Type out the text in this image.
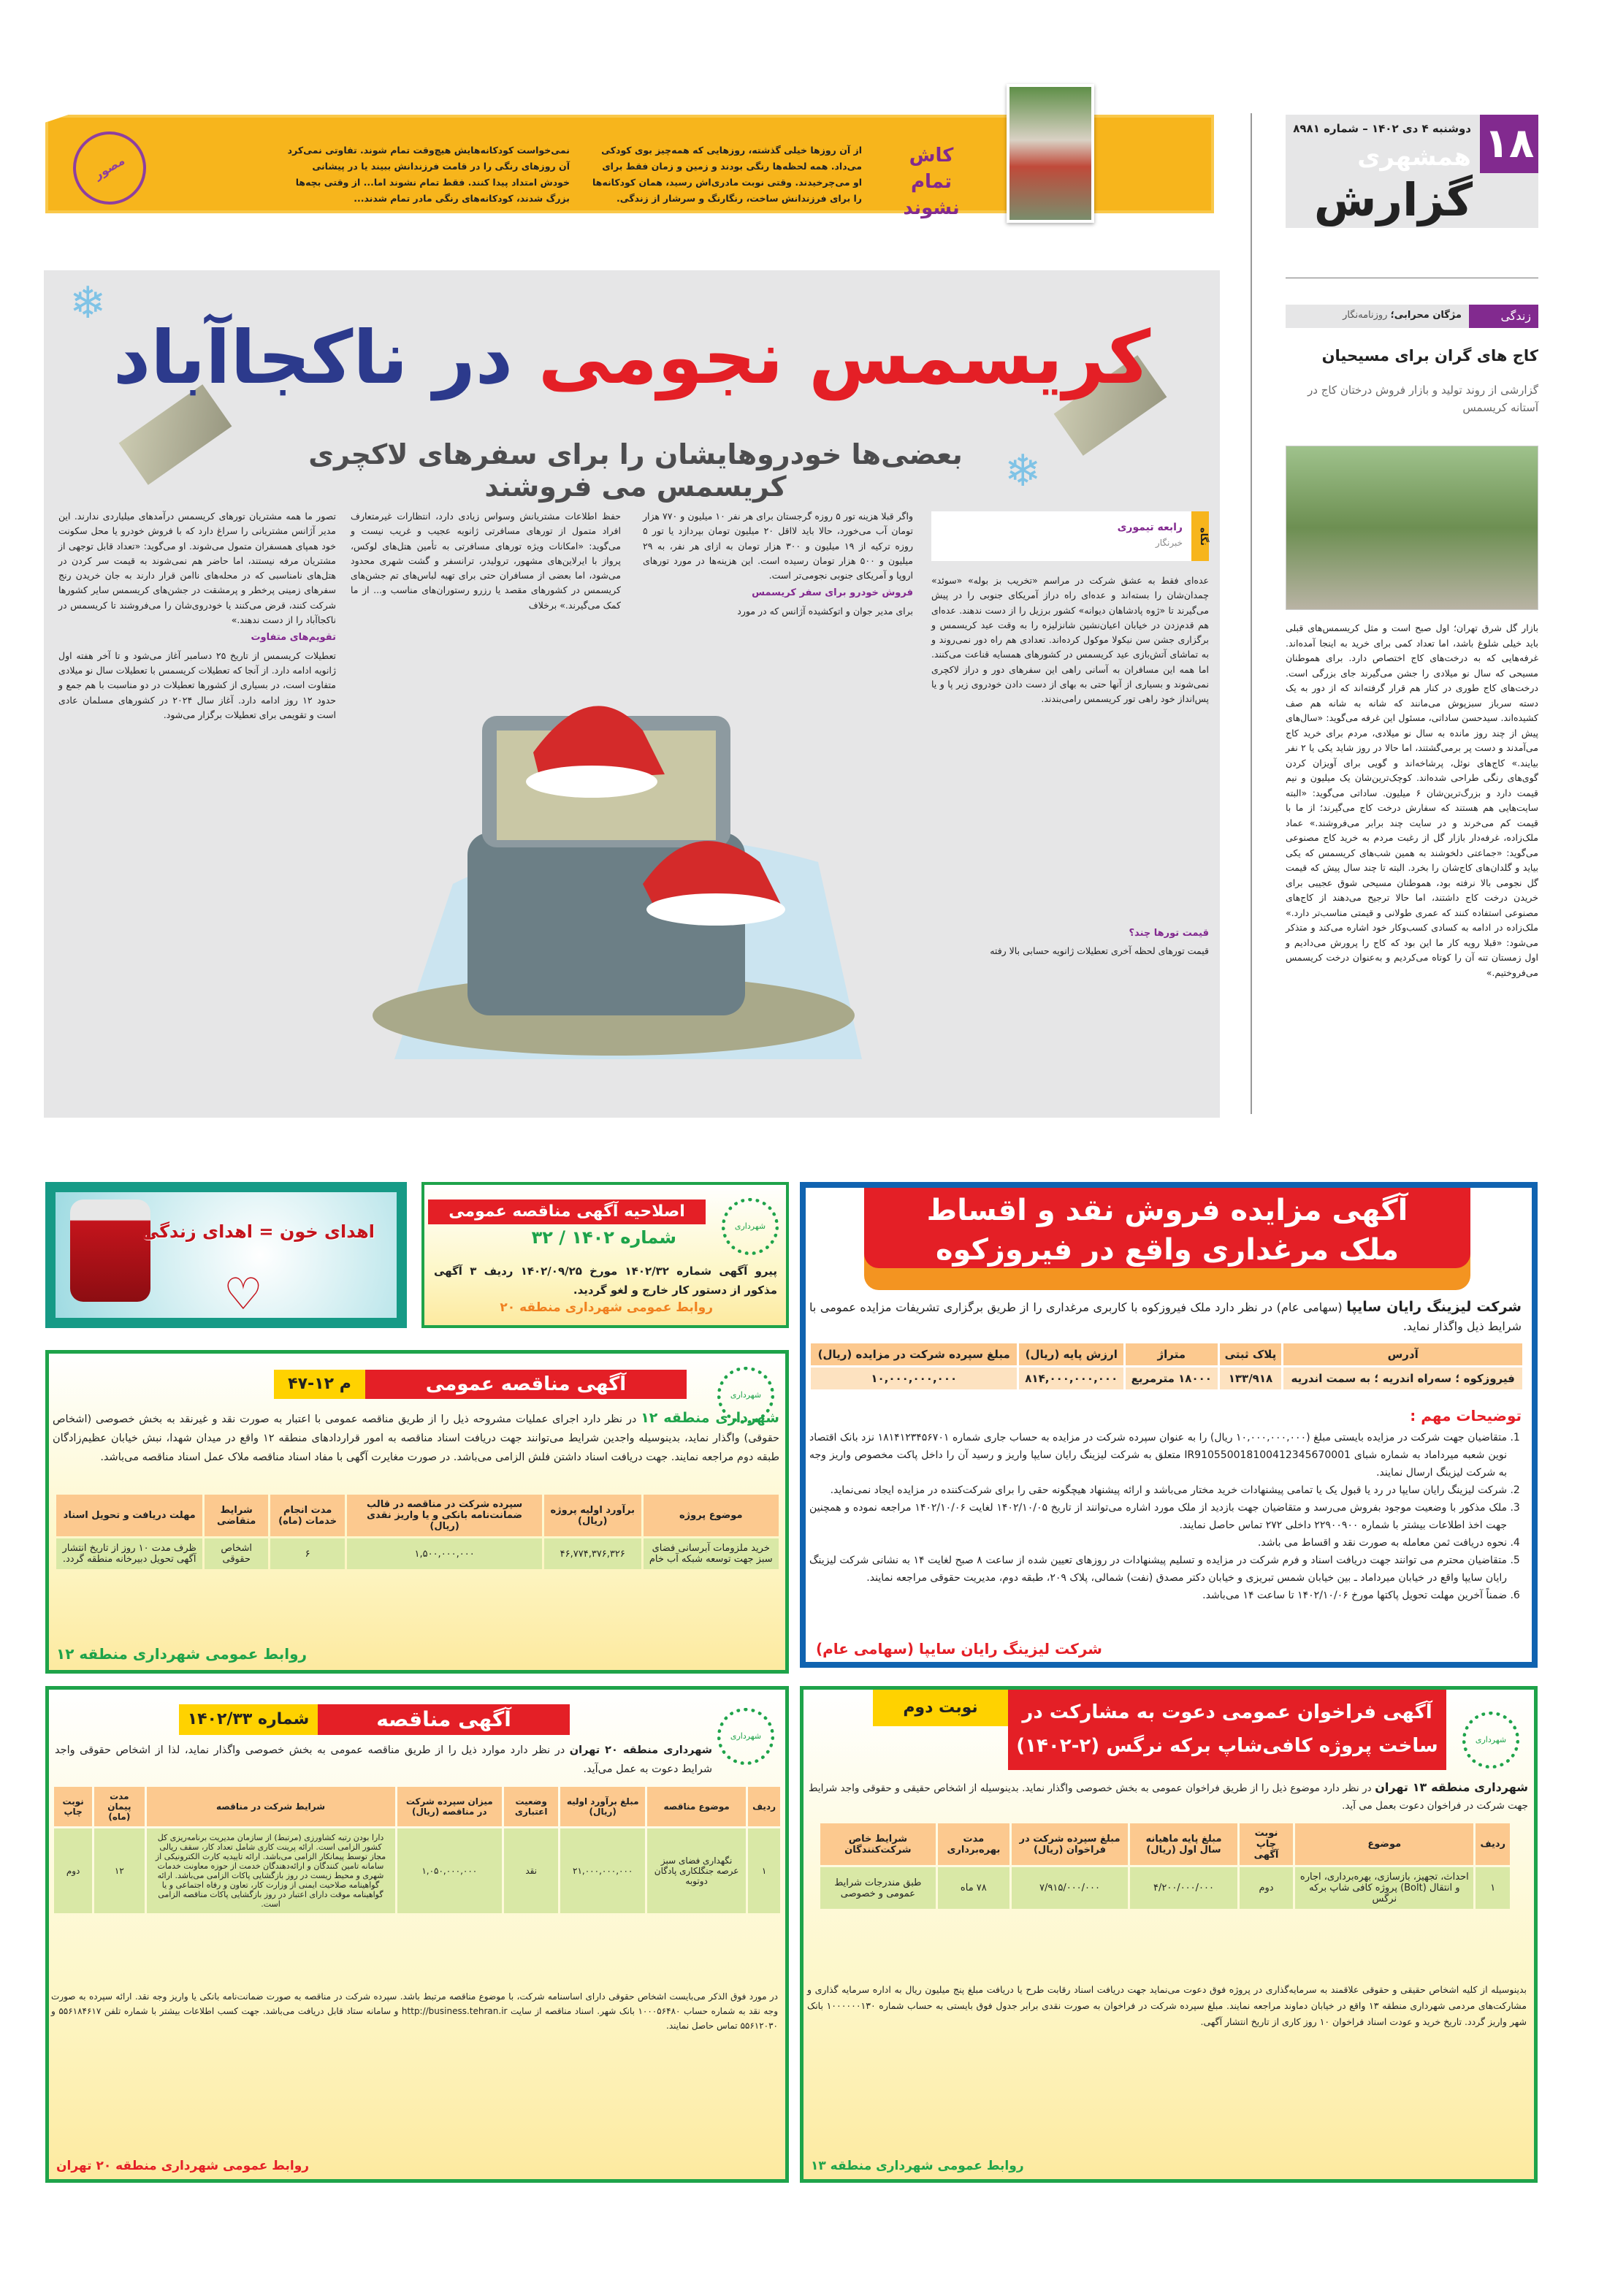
۱۸
دوشنبه ۴ دی ۱۴۰۲ – شماره ۸۹۸۱
همشهری
گزارش
زندگی
مژگان محرابی؛ روزنامه‌نگار
کاج های گران برای مسیحیان
گزارشی از روند تولید و بازار فروش درختان کاج در آستانه کریسمس
بازار گل شرق تهران؛ اول صبح است و مثل کریسمس‌های قبلی باید خیلی شلوغ باشد، اما تعداد کمی برای خرید به اینجا آمده‌اند. غرفه‌هایی که به درخت‌های کاج اختصاص دارد. برای هموطنان مسیحی که سال نو میلادی را جشن می‌گیرند جای بزرگی است. درخت‌های کاج طوری در کنار هم قرار گرفته‌اند که از دور به یک دسته سرباز سبزپوش می‌مانند که شانه به شانه هم صف کشیده‌اند. سیدحسن ساداتی، مسئول این غرفه می‌گوید: «سال‌های پیش از چند روز مانده به سال نو میلادی، مردم برای خرید کاج می‌آمدند و دست پر برمی‌گشتند، اما حالا در روز شاید یکی یا ۲ نفر بیایند.» کاج‌های نوئل، پرشاخه‌اند و گویی برای آویزان کردن گوی‌های رنگی طراحی شده‌اند. کوچک‌ترین‌شان یک میلیون و نیم قیمت دارد و بزرگ‌ترین‌شان ۶ میلیون. ساداتی می‌گوید: «البته سایت‌هایی هم هستند که سفارش درخت کاج می‌گیرند؛ از ما با قیمت کم می‌خرند و در سایت چند برابر می‌فروشند.» عماد ملک‌زاده، غرفه‌دار بازار گل از رغبت مردم به خرید کاج مصنوعی می‌گوید: «جماعتی دلخوشند به همین شب‌های کریسمس که یکی بیاید و گلدان‌های کاج‌شان را بخرد. البته تا چند سال پیش که قیمت گل نجومی بالا نرفته بود، هموطنان مسیحی شوق عجیبی برای خریدن درخت کاج داشتند، اما حالا ترجیح می‌دهند از کاج‌های مصنوعی استفاده کنند که عمری طولانی و قیمتی مناسب‌تر دارد.» ملک‌زاده در ادامه به کسادی کسب‌وکار خود اشاره می‌کند و متذکر می‌شود: «قبلا رویه کار ما این بود که کاج را پرورش می‌دادیم و اول زمستان تنه آن را کوتاه می‌کردیم و به‌عنوان درخت کریسمس می‌فروختیم.»
کاش
تمام نشوند
از آن روزها خیلی گذشته، روزهایی که همه‌چیز بوی کودکی می‌داد. همه لحظه‌ها رنگی بودند و زمین و زمان فقط برای او می‌چرخیدند. وقتی نوبت مادری‌اش رسید، همان کودکانه‌ها را برای فرزندانش ساخت، رنگارنگ و سرشار از زندگی.
نمی‌خواست کودکانه‌هایش هیچ‌وقت تمام شوند. تفاوتی نمی‌کرد آن روزهای رنگی را در قامت فرزندانش ببیند یا در پیشانی خودش امتداد پیدا کنند. فقط تمام نشوند اما... از وقتی بچه‌ها بزرگ شدند، کودکانه‌های رنگی مادر تمام شدند...
مصور
❄
❄
کریسمس نجومی در ناکجاآباد
بعضی‌ها خودروهایشان را برای سفرهای لاکچری کریسمس می فروشند
نگاه
رابعه تیموری
خبرنگار

عده‌ای فقط به عشق شرکت در مراسم «تخریب بز بوله» «سوئد» چمدان‌شان را بسته‌اند و عده‌ای راه دراز آمریکای جنوبی را در پیش می‌گیرند تا «ژوه پادشاهان دیوانه» کشور برزیل را از دست ندهند. عده‌ای هم قدم‌زدن در خیابان اعیان‌نشین شانزلیزه را به وقت عید کریسمس و برگزاری جشن سن نیکولا موکول کرده‌اند. تعدادی هم راه دور نمی‌روند و به تماشای آتش‌بازی عید کریسمس در کشورهای همسایه قناعت می‌کنند. اما همه این مسافران به آسانی راهی این سفرهای دور و دراز لاکچری نمی‌شوند و بسیاری از آنها حتی به بهای از دست دادن خودروی زیر پا و یا پس‌انداز خود راهی تور کریسمس رامی‌بندند.

قیمت تورها چند؟

قیمت تورهای لحظه آخری تعطیلات ژانویه حسابی بالا رفته

واگر قبلا هزینه تور ۵ روزه گرجستان برای هر نفر ۱۰ میلیون و ۷۷۰ هزار تومان آب می‌خورد، حالا باید لااقل ۲۰ میلیون تومان بپردازد یا تور ۵ روزه ترکیه از ۱۹ میلیون و ۳۰۰ هزار تومان به ازای هر نفر، به ۲۹ میلیون و ۵۰۰ هزار تومان رسیده است. این هزینه‌ها در مورد تورهای اروپا و آمریکای جنوبی نجومی‌تر است.

فروش خودرو برای سفر کریسمس

برای مدیر جوان و اتوکشیده آژانس که در مورد

حفظ اطلاعات مشتریانش وسواس زیادی دارد، انتظارات غیرمتعارف افراد متمول از تورهای مسافرتی ژانویه عجیب و غریب نیست و می‌گوید: «امکانات ویژه تورهای مسافرتی به تأمین هتل‌های لوکس، پرواز با ایرلاین‌های مشهور، ترولیدر، ترانسفر و گشت شهری محدود می‌شود، اما بعضی از مسافران حتی برای تهیه لباس‌های تم جشن‌های کریسمس در کشورهای مقصد یا رزرو رستوران‌های مناسب و... از ما کمک می‌گیرند.» برخلاف

تصور ما همه مشتریان تورهای کریسمس درآمدهای میلیاردی ندارند. این مدیر آژانس مشتریانی را سراغ دارد که با فروش خودرو یا محل سکونت خود همپای همسفران متمول می‌شوند. او می‌گوید: «تعداد قابل توجهی از مشتریان مرفه نیستند، اما حاضر هم نمی‌شوند به قیمت سر کردن در هتل‌های نامناسبی که در محله‌های ناامن قرار دارند به جان خریدن رنج سفرهای زمینی پرخطر و پرمشقت در جشن‌های کریسمس سایر کشورها شرکت کنند، قرض می‌کنند یا خودروی‌شان را می‌فروشند تا کریسمس در ناکجاآباد را از دست ندهند.»

تقویم‌های متفاوت

تعطیلات کریسمس از تاریخ ۲۵ دسامبر آغاز می‌شود و تا آخر هفته اول ژانویه ادامه دارد. از آنجا که تعطیلات کریسمس با تعطیلات سال نو میلادی متفاوت است، در بسیاری از کشورها تعطیلات در دو مناسبت با هم جمع و حدود ۱۲ روز ادامه دارد. آغاز سال ۲۰۲۴ در کشورهای مسلمان عادی است و تقویمی برای تعطیلات برگزار می‌شود.

اهدای خون = اهدای زندگی
♡
شهرداری
اصلاحیه آگهی مناقصه عمومی
شماره ۱۴۰۲ / ۳۲
پیرو آگهی شماره ۱۴۰۲/۳۲ مورخ ۱۴۰۲/۰۹/۲۵ ردیف ۳ آگهی مذکور از دستور کار خارج و لغو گردید.
روابط عمومی شهرداری منطقه ۲۰
شهرداری
آگهی مناقصه عمومی
م ۱۲-۴۷
شهرداری منطقه ۱۲ در نظر دارد اجرای عملیات مشروحه ذیل را از طریق مناقصه عمومی با اعتبار به صورت نقد و غیرنقد به بخش خصوصی (اشخاص حقوقی) واگذار نماید، بدینوسیله واجدین شرایط می‌توانند جهت دریافت اسناد مناقصه به امور قراردادهای منطقه ۱۲ واقع در میدان شهدا، نبش خیابان عظیم‌زادگان طبقه دوم مراجعه نمایند. جهت دریافت اسناد داشتن فلش الزامی می‌باشد. در صورت مغایرت آگهی با مفاد اسناد مناقصه ملاک عمل اسناد مناقصه می‌باشد.
موضوع پروژه	برآورد اولیه پروژه (ریال)	سپرده شرکت در مناقصه در قالب ضمانت‌نامه بانکی و یا واریز نقدی (ریال)	مدت انجام خدمات (ماه)	شرایط متقاضی	مهلت دریافت و تحویل اسناد
خرید ملزومات آبرسانی فضای سبز جهت توسعه شبکه آب خام	۴۶,۷۷۴,۳۷۶,۳۲۶	۱,۵۰۰,۰۰۰,۰۰۰	۶	اشخاص حقوقی	ظرف مدت ۱۰ روز از تاریخ انتشار آگهی تحویل دبیرخانه منطقه گردد.
روابط عمومی شهرداری منطقه ۱۲
شهرداری
آگهی مناقصه
شماره ۱۴۰۲/۳۳
شهرداری منطقه ۲۰ تهران در نظر دارد موارد ذیل را از طریق مناقصه عمومی به بخش خصوصی واگذار نماید، لذا از اشخاص حقوقی واجد شرایط دعوت به عمل می‌آید.
ردیف	موضوع مناقصه	مبلغ برآورد اولیه (ریال)	وضعیت اعتباری	میزان سپرده شرکت در مناقصه (ریال)	شرایط شرکت در مناقصه	مدت پیمان (ماه)	نوبت چاپ
۱	نگهداری فضای سبز عرصه جنگلکاری پادگان دوتوبه	۲۱,۰۰۰,۰۰۰,۰۰۰	نقد	۱,۰۵۰,۰۰۰,۰۰۰	دارا بودن رتبه کشاورزی (مرتبط) از سازمان مدیریت برنامه‌ریزی کل کشور الزامی است. ارائه پرینت کاری شامل تعداد کار، سقف ریالی مجاز توسط پیمانکار الزامی می‌باشد. ارائه تاییدیه کارت الکترونیکی از سامانه تامین کنندگان و ارائه‌دهندگان خدمت از حوزه معاونت خدمات شهری و محیط زیست در روز بازگشایی پاکات الزامی می‌باشد. ارائه گواهینامه صلاحیت ایمنی از وزارت کار، تعاون و رفاه اجتماعی و یا گواهینامه موقت دارای اعتبار در روز بازگشایی پاکات مناقصه الزامی است.	۱۲	دوم
در مورد فوق الذکر می‌بایست اشخاص حقوقی دارای اساسنامه شرکت، با موضوع مناقصه مرتبط باشد. سپرده شرکت در مناقصه به صورت ضمانت‌نامه بانکی یا واریز وجه نقد. ارائه سپرده به صورت وجه نقد به شماره حساب ۱۰۰۰۵۶۴۸۰ بانک شهر. اسناد مناقصه از سایت http://business.tehran.ir و سامانه ستاد قابل دریافت می‌باشد. جهت کسب اطلاعات بیشتر با شماره تلفن ۵۵۶۱۸۴۶۱۷ و ۵۵۶۱۲۰۳۰ تماس حاصل نمایند.
روابط عمومی شهرداری منطقه ۲۰ تهران
آگهی مزایده فروش نقد و اقساط
ملک مرغداری واقع در فیروزکوه
شرکت لیزینگ رایان سایپا (سهامی عام) در نظر دارد ملک فیروزکوه با کاربری مرغداری را از طریق برگزاری تشریفات مزایده عمومی با شرایط ذیل واگذار نماید.
آدرس	پلاک ثبتی	متراژ	ارزش پایه (ریال)	مبلغ سپرده شرکت در مزایده (ریال)
فیروزکوه ؛ سه‌راه اندریه ؛ به سمت اندریه	۱۳۳/۹۱۸	۱۸۰۰۰ مترمربع	۸۱۴,۰۰۰,۰۰۰,۰۰۰	۱۰,۰۰۰,۰۰۰,۰۰۰
توضیحات مهم :
1. متقاضیان جهت شرکت در مزایده بایستی مبلغ (۱۰,۰۰۰,۰۰۰,۰۰۰ ریال) را به عنوان سپرده شرکت در مزایده به حساب جاری شماره ۱۸۱۴۱۲۳۴۵۶۷۰۱ نزد بانک اقتصاد نوین شعبه میرداماد به شماره شبای IR910550018100412345670001 متعلق به شرکت لیزینگ رایان سایپا واریز و رسید آن را داخل پاکت مخصوص واریز وجه به شرکت لیزینگ ارسال نمایند.
2. شرکت لیزینگ رایان سایپا در رد یا قبول یک یا تمامی پیشنهادات خرید مختار می‌باشد و ارائه پیشنهاد هیچگونه حقی را برای شرکت‌کننده در مزایده ایجاد نمی‌نماید.
3. ملک مذکور با وضعیت موجود بفروش می‌رسد و متقاضیان جهت بازدید از ملک مورد اشاره می‌توانند از تاریخ ۱۴۰۲/۱۰/۰۵ لغایت ۱۴۰۲/۱۰/۰۶ مراجعه نموده و همچنین جهت اخذ اطلاعات بیشتر با شماره ۲۲۹۰۰۹۰۰ داخلی ۲۷۲ تماس حاصل نمایند.
4. نحوه دریافت ثمن معامله به صورت نقد و اقساط می باشد.
5. متقاضیان محترم می توانند جهت دریافت اسناد و فرم شرکت در مزایده و تسلیم پیشنهادات در روزهای تعیین شده از ساعت ۸ صبح لغایت ۱۴ به نشانی شرکت لیزینگ رایان سایپا واقع در خیابان میرداماد ـ بین خیابان شمس تبریزی و خیابان دکتر مصدق (نفت) شمالی، پلاک ۲۰۹، طبقه دوم، مدیریت حقوقی مراجعه نمایند.
6. ضمناً آخرین مهلت تحویل پاکتها مورخ ۱۴۰۲/۱۰/۰۶ تا ساعت ۱۴ می‌باشد.
شرکت لیزینگ رایان سایپا (سهامی عام)
شهرداری
آگهی فراخوان عمومی دعوت به مشارکت در
ساخت پروژه کافی‌شاپ برکه نرگس (۲-۱۴۰۲)
نوبت دوم
شهرداری منطقه ۱۳ تهران در نظر دارد موضوع ذیل را از طریق فراخوان عمومی به بخش خصوصی واگذار نماید. بدینوسیله از اشخاص حقیقی و حقوقی واجد شرایط جهت شرکت در فراخوان دعوت بعمل می آید.
ردیف	موضوع	نوبت چاپ آگهی	مبلغ پایه ماهیانه سال اول (ریال)	مبلغ سپرده شرکت در فراخوان (ریال)	مدت بهره‌برداری	شرایط خاص شرکت‌کنندگان
۱	احداث، تجهیز، بازسازی، بهره‌برداری، اجاره و انتقال (Bolt) پروژه کافی شاپ برکه نرگس	دوم	۴/۲۰۰/۰۰۰/۰۰۰	۷/۹۱۵/۰۰۰/۰۰۰	۷۸ ماه	طبق مندرجات شرایط عمومی و خصوصی
بدینوسیله از کلیه اشخاص حقیقی و حقوقی علاقمند به سرمایه‌گذاری در پروژه فوق دعوت می‌نماید جهت دریافت اسناد رقابت طرح یا دریافت مبلغ پنج میلیون ریال به اداره سرمایه گذاری و مشارکت‌های مردمی شهرداری منطقه ۱۳ واقع در خیابان دماوند مراجعه نمایند. مبلغ سپرده شرکت در فراخوان به صورت نقدی برابر جدول فوق بایستی به حساب شماره ۱۰۰۰۰۰۰۱۳۰ بانک شهر واریز گردد. تاریخ خرید و عودت اسناد فراخوان ۱۰ روز کاری از تاریخ انتشار آگهی.
روابط عمومی شهرداری منطقه ۱۳
